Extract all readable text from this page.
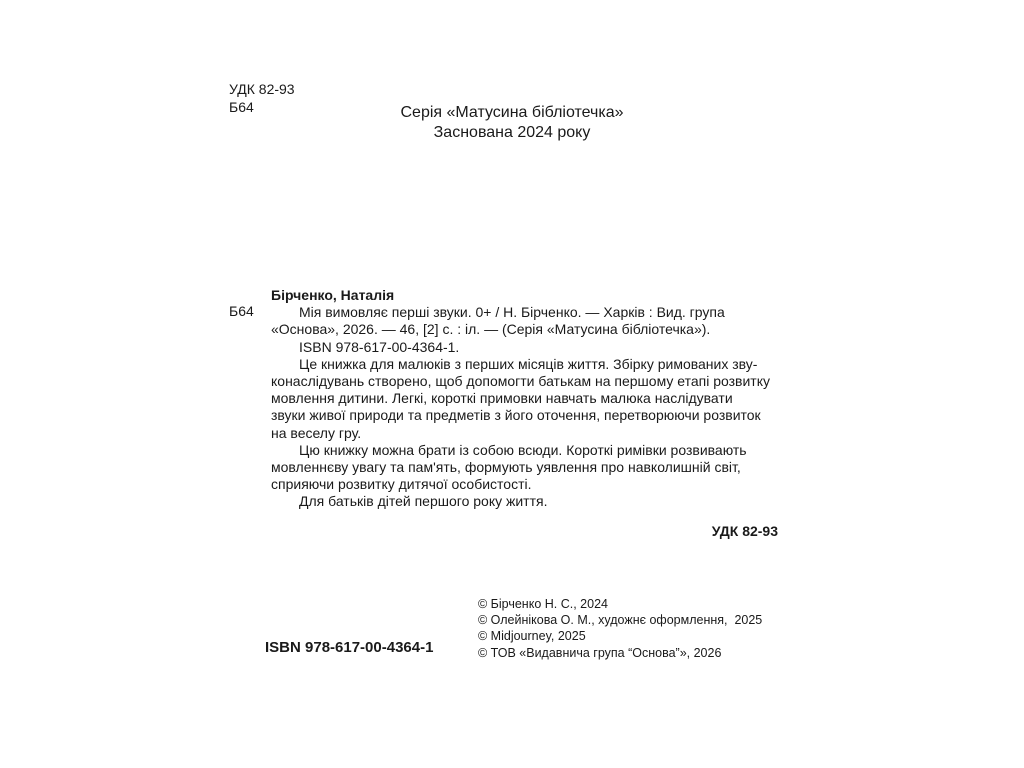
УДК 82-93
Б64	Серія «Матусина бібліотечка»
Заснована 2024 року
Б64
Бірченко, Наталія
Мія вимовляє перші звуки. 0+ / Н. Бірченко. — Харків : Вид. група
«Основа», 2026. — 46, [2] с. : іл. — (Серія «Матусина бібліотечка»).
ISBN 978-617-00-4364-1.
Це книжка для малюків з перших місяців життя. Збірку римованих зву-
конаслідувань створено, щоб допомогти батькам на першому етапі розвитку
мовлення дитини. Легкі, короткі примовки навчать малюка наслідувати
звуки живої природи та предметів з його оточення, перетворюючи розвиток
на веселу гру.
Цю книжку можна брати із собою всюди. Короткі римівки розвивають
мовленнєву увагу та пам'ять, формують уявлення про навколишній світ,
сприяючи розвитку дитячої особистості.
Для батьків дітей першого року життя.
УДК 82-93
ISBN 978-617-00-4364-1
© Бірченко Н. С., 2024
© Олейнікова О. М., художнє оформлення,  2025
© Midjourney, 2025
© ТОВ «Видавнича група “Основа”», 2026
